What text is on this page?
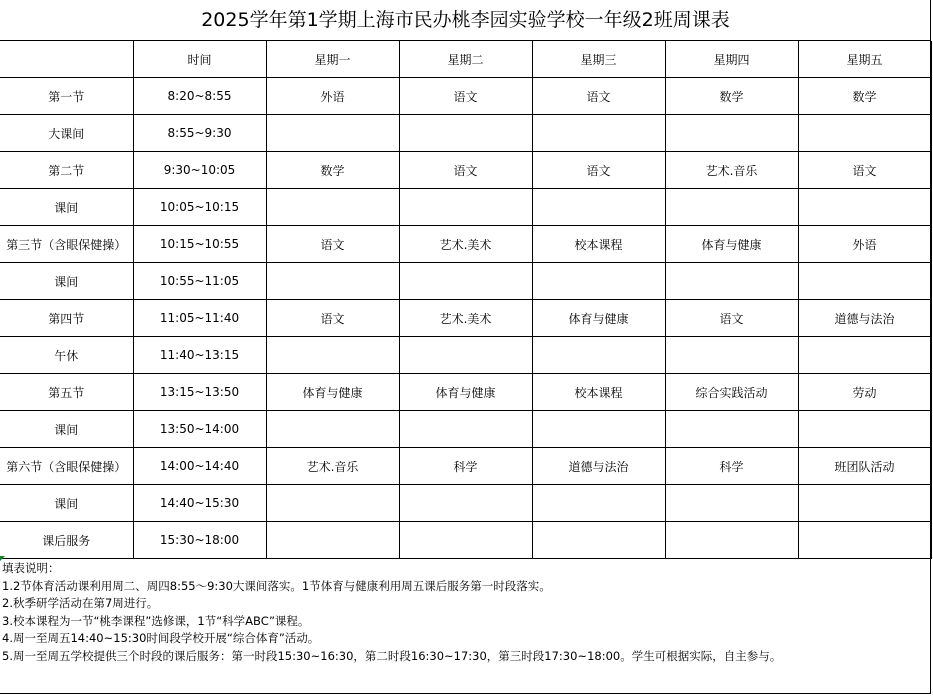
2025学年第1学期上海市民办桃李园实验学校一年级2班周课表
	时间	星期一	星期二	星期三	星期四	星期五
第一节	8:20~8:55	外语	语文	语文	数学	数学
大课间	8:55~9:30					
第二节	9:30~10:05	数学	语文	语文	艺术.音乐	语文
课间	10:05~10:15					
第三节（含眼保健操）	10:15~10:55	语文	艺术.美术	校本课程	体育与健康	外语
课间	10:55~11:05					
第四节	11:05~11:40	语文	艺术.美术	体育与健康	语文	道德与法治
午休	11:40~13:15					
第五节	13:15~13:50	体育与健康	体育与健康	校本课程	综合实践活动	劳动
课间	13:50~14:00					
第六节（含眼保健操）	14:00~14:40	艺术.音乐	科学	道德与法治	科学	班团队活动
课间	14:40~15:30					
课后服务	15:30~18:00					
填表说明：
1.2节体育活动课利用周二、周四8:55～9:30大课间落实。1节体育与健康利用周五课后服务第一时段落实。
2.秋季研学活动在第7周进行。
3.校本课程为一节“桃李课程”选修课，1节“科学ABC”课程。
4.周一至周五14:40~15:30时间段学校开展“综合体育”活动。
5.周一至周五学校提供三个时段的课后服务：第一时段15:30~16:30，第二时段16:30~17:30，第三时段17:30~18:00。学生可根据实际，自主参与。
